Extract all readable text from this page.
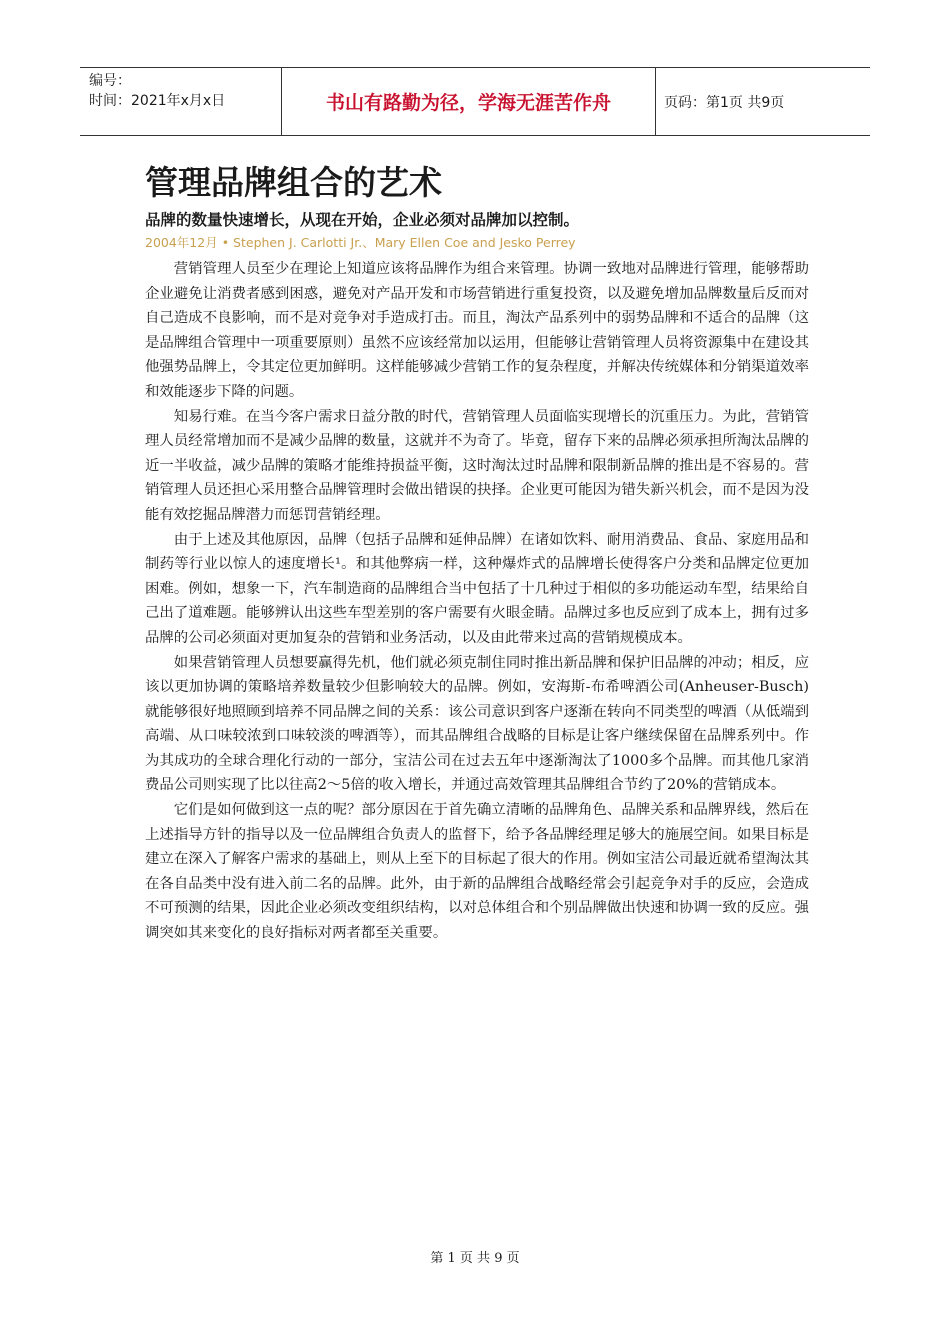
编号：
时间：2021年x月x日	书山有路勤为径，学海无涯苦作舟	页码：第1页 共9页
管理品牌组合的艺术

品牌的数量快速增长，从现在开始，企业必须对品牌加以控制。

2004年12月 • Stephen J. Carlotti Jr.、Mary Ellen Coe and Jesko Perrey

营销管理人员至少在理论上知道应该将品牌作为组合来管理。协调一致地对品牌进行管理，能够帮助企业避免让消费者感到困惑，避免对产品开发和市场营销进行重复投资，以及避免增加品牌数量后反而对自己造成不良影响，而不是对竞争对手造成打击。而且，淘汰产品系列中的弱势品牌和不适合的品牌（这是品牌组合管理中一项重要原则）虽然不应该经常加以运用，但能够让营销管理人员将资源集中在建设其他强势品牌上，令其定位更加鲜明。这样能够减少营销工作的复杂程度，并解决传统媒体和分销渠道效率和效能逐步下降的问题。

知易行难。在当今客户需求日益分散的时代，营销管理人员面临实现增长的沉重压力。为此，营销管理人员经常增加而不是减少品牌的数量，这就并不为奇了。毕竟，留存下来的品牌必须承担所淘汰品牌的近一半收益，减少品牌的策略才能维持损益平衡，这时淘汰过时品牌和限制新品牌的推出是不容易的。营销管理人员还担心采用整合品牌管理时会做出错误的抉择。企业更可能因为错失新兴机会，而不是因为没能有效挖掘品牌潜力而惩罚营销经理。

由于上述及其他原因，品牌（包括子品牌和延伸品牌）在诸如饮料、耐用消费品、食品、家庭用品和制药等行业以惊人的速度增长¹。和其他弊病一样，这种爆炸式的品牌增长使得客户分类和品牌定位更加困难。例如，想象一下，汽车制造商的品牌组合当中包括了十几种过于相似的多功能运动车型，结果给自己出了道难题。能够辨认出这些车型差别的客户需要有火眼金睛。品牌过多也反应到了成本上，拥有过多品牌的公司必须面对更加复杂的营销和业务活动，以及由此带来过高的营销规模成本。

如果营销管理人员想要赢得先机，他们就必须克制住同时推出新品牌和保护旧品牌的冲动；相反，应该以更加协调的策略培养数量较少但影响较大的品牌。例如，安海斯-布希啤酒公司(Anheuser-Busch)就能够很好地照顾到培养不同品牌之间的关系：该公司意识到客户逐渐在转向不同类型的啤酒（从低端到高端、从口味较浓到口味较淡的啤酒等），而其品牌组合战略的目标是让客户继续保留在品牌系列中。作为其成功的全球合理化行动的一部分，宝洁公司在过去五年中逐渐淘汰了1000多个品牌。而其他几家消费品公司则实现了比以往高2～5倍的收入增长，并通过高效管理其品牌组合节约了20%的营销成本。

它们是如何做到这一点的呢？部分原因在于首先确立清晰的品牌角色、品牌关系和品牌界线，然后在上述指导方针的指导以及一位品牌组合负责人的监督下，给予各品牌经理足够大的施展空间。如果目标是建立在深入了解客户需求的基础上，则从上至下的目标起了很大的作用。例如宝洁公司最近就希望淘汰其在各自品类中没有进入前二名的品牌。此外，由于新的品牌组合战略经常会引起竞争对手的反应，会造成不可预测的结果，因此企业必须改变组织结构，以对总体组合和个别品牌做出快速和协调一致的反应。强调突如其来变化的良好指标对两者都至关重要。

第 1 页 共 9 页
